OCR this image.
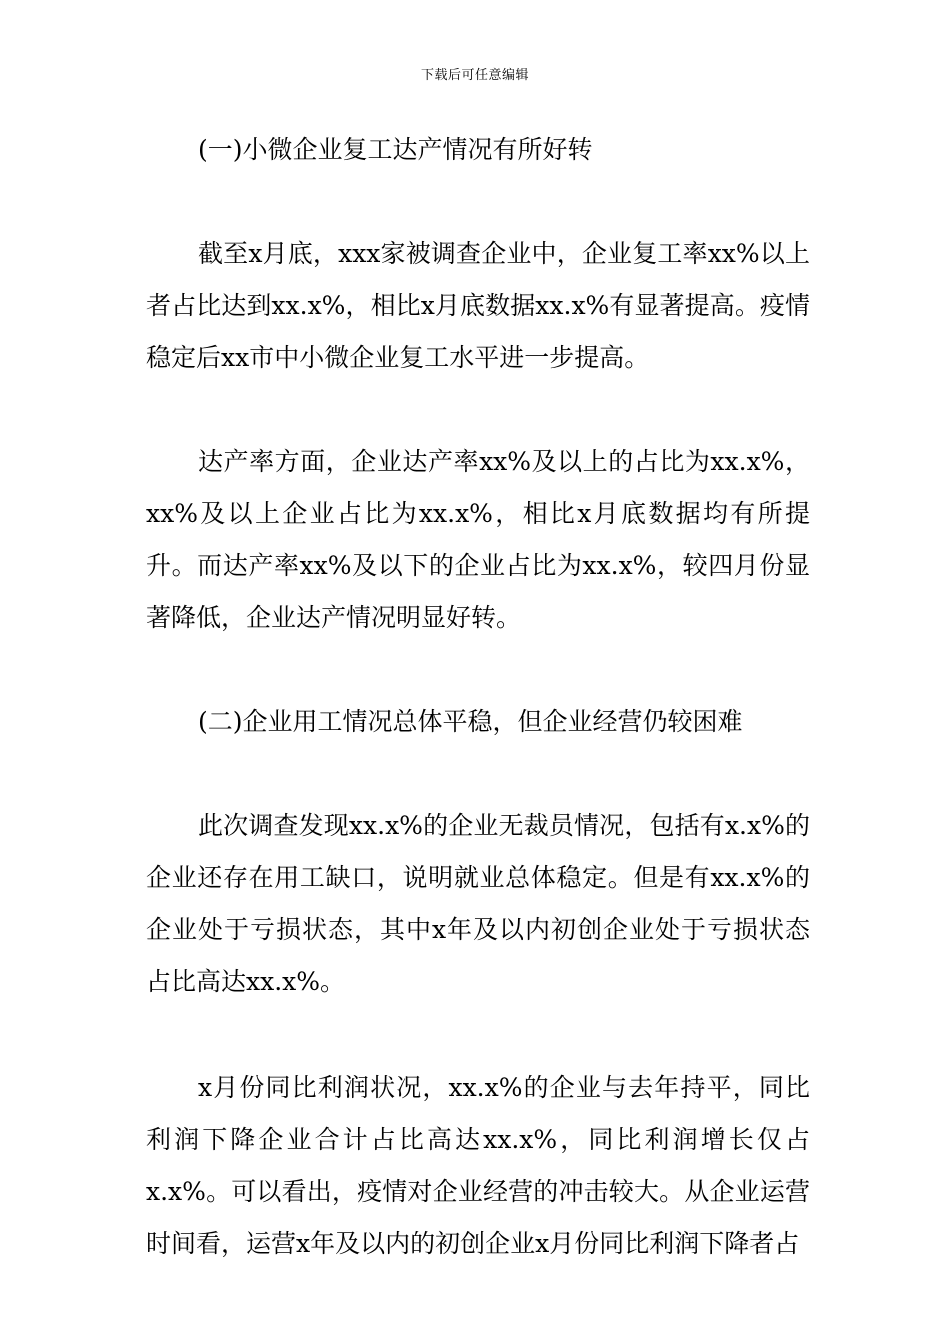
下载后可任意编辑

(一)小微企业复工达产情况有所好转

截至x月底，xxx家被调查企业中，企业复工率xx%以上者占比达到xx.x%，相比x月底数据xx.x%有显著提高。疫情稳定后xx市中小微企业复工水平进一步提高。

达产率方面，企业达产率xx%及以上的占比为xx.x%，xx%及以上企业占比为xx.x%，相比x月底数据均有所提升。而达产率xx%及以下的企业占比为xx.x%，较四月份显著降低，企业达产情况明显好转。

(二)企业用工情况总体平稳，但企业经营仍较困难

此次调查发现xx.x%的企业无裁员情况，包括有x.x%的企业还存在用工缺口，说明就业总体稳定。但是有xx.x%的企业处于亏损状态，其中x年及以内初创企业处于亏损状态占比高达xx.x%。

x月份同比利润状况，xx.x%的企业与去年持平，同比利润下降企业合计占比高达xx.x%，同比利润增长仅占x.x%。可以看出，疫情对企业经营的冲击较大。从企业运营时间看，运营x年及以内的初创企业x月份同比利润下降者占
